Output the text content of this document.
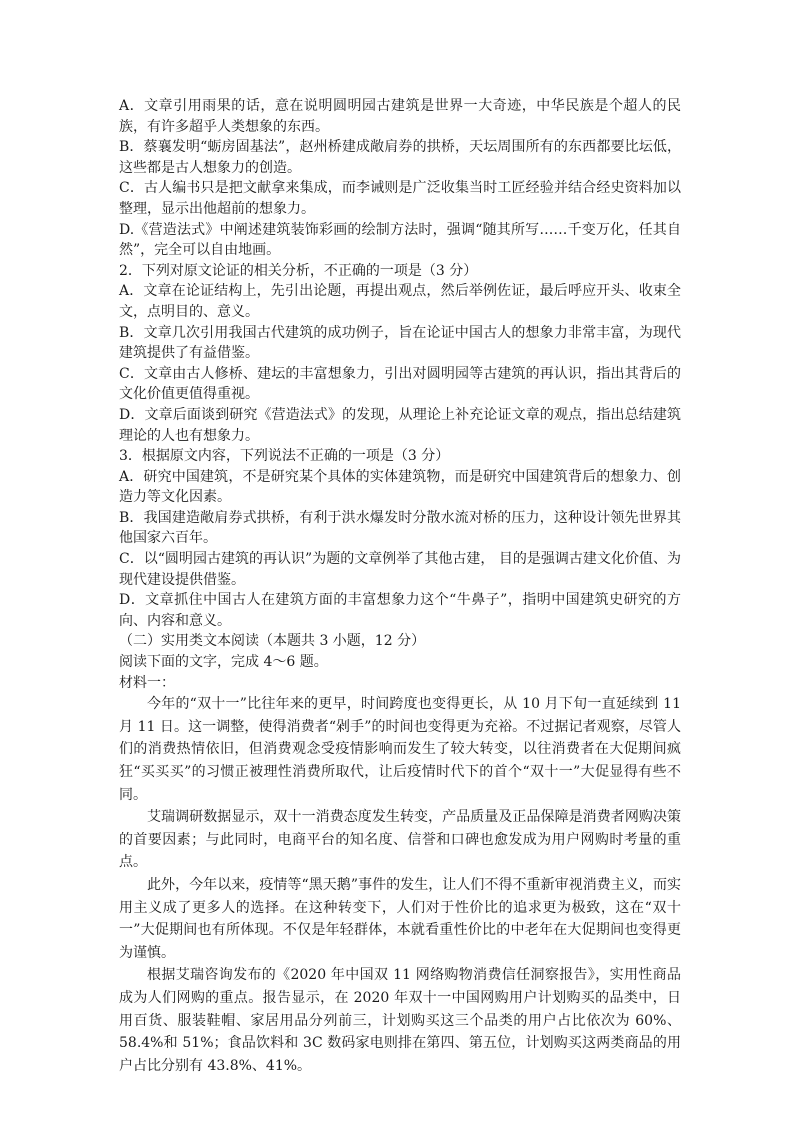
A．文章引用雨果的话，意在说明圆明园古建筑是世界一大奇迹，中华民族是个超人的民族，有许多超乎人类想象的东西。

B．蔡襄发明“蛎房固基法”，赵州桥建成敞肩券的拱桥，天坛周围所有的东西都要比坛低，这些都是古人想象力的创造。

C．古人编书只是把文献拿来集成，而李诫则是广泛收集当时工匠经验并结合经史资料加以整理，显示出他超前的想象力。

D.《营造法式》中阐述建筑装饰彩画的绘制方法时，强调“随其所写……千变万化，任其自然”，完全可以自由地画。

2．下列对原文论证的相关分析，不正确的一项是（3 分）

A．文章在论证结构上，先引出论题，再提出观点，然后举例佐证，最后呼应开头、收束全文，点明目的、意义。

B．文章几次引用我国古代建筑的成功例子，旨在论证中国古人的想象力非常丰富，为现代建筑提供了有益借鉴。

C．文章由古人修桥、建坛的丰富想象力，引出对圆明园等古建筑的再认识，指出其背后的文化价值更值得重视。

D．文章后面谈到研究《营造法式》的发现，从理论上补充论证文章的观点，指出总结建筑理论的人也有想象力。

3．根据原文内容，下列说法不正确的一项是（3 分）

A．研究中国建筑，不是研究某个具体的实体建筑物，而是研究中国建筑背后的想象力、创造力等文化因素。

B．我国建造敞肩券式拱桥，有利于洪水爆发时分散水流对桥的压力，这种设计领先世界其他国家六百年。

C．以“圆明园古建筑的再认识”为题的文章例举了其他古建， 目的是强调古建文化价值、为现代建设提供借鉴。

D．文章抓住中国古人在建筑方面的丰富想象力这个“牛鼻子”，指明中国建筑史研究的方向、内容和意义。

（二）实用类文本阅读（本题共 3 小题，12 分）

阅读下面的文字，完成 4～6 题。

材料一：

今年的“双十一”比往年来的更早，时间跨度也变得更长，从 10 月下旬一直延续到 11 月 11 日。这一调整，使得消费者“剁手”的时间也变得更为充裕。不过据记者观察，尽管人们的消费热情依旧，但消费观念受疫情影响而发生了较大转变，以往消费者在大促期间疯狂“买买买”的习惯正被理性消费所取代，让后疫情时代下的首个“双十一”大促显得有些不同。

艾瑞调研数据显示，双十一消费态度发生转变，产品质量及正品保障是消费者网购决策的首要因素；与此同时，电商平台的知名度、信誉和口碑也愈发成为用户网购时考量的重点。

此外，今年以来，疫情等“黑天鹅”事件的发生，让人们不得不重新审视消费主义，而实用主义成了更多人的选择。在这种转变下，人们对于性价比的追求更为极致，这在“双十一”大促期间也有所体现。不仅是年轻群体，本就看重性价比的中老年在大促期间也变得更为谨慎。

根据艾瑞咨询发布的《2020 年中国双 11 网络购物消费信任洞察报告》，实用性商品成为人们网购的重点。报告显示，在 2020 年双十一中国网购用户计划购买的品类中，日用百货、服装鞋帽、家居用品分列前三，计划购买这三个品类的用户占比依次为 60%、58.4%和 51%；食品饮料和 3C 数码家电则排在第四、第五位，计划购买这两类商品的用户占比分别有 43.8%、41%。
